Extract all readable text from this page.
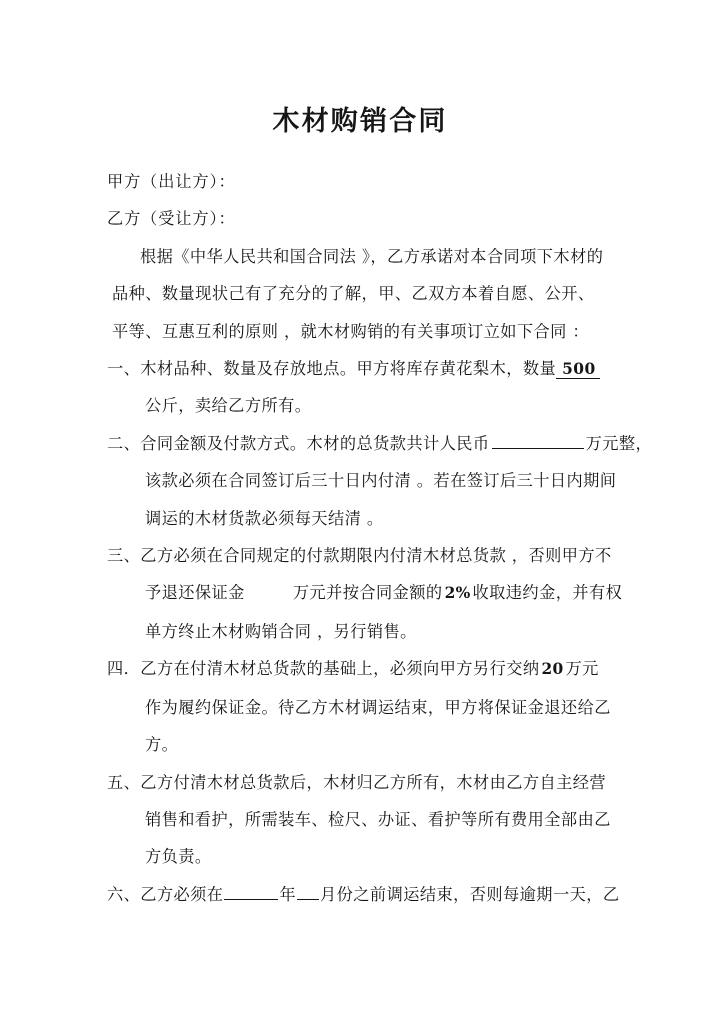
木材购销合同
甲方（出让方）：
乙方（受让方）：
根据《中华人民共和国合同法 》，乙方承诺对本合同项下木材的
品种、数量现状己有了充分的了解，甲、乙双方本着自愿、公开、
平等、互惠互利的原则 ，就木材购销的有关事项订立如下合同 ：
一、木材品种、数量及存放地点。甲方将库存黄花梨木，数量 500
公斤，卖给乙方所有。
二、合同金额及付款方式。木材的总货款共计人民币	万元整，
该款必须在合同签订后三十日内付清 。若在签订后三十日内期间
调运的木材货款必须每天结清 。
三、乙方必须在合同规定的付款期限内付清木材总货款 ，否则甲方不
予退还保证金	万元并按合同金额的 2% 收取违约金，并有权
单方终止木材购销合同 ，另行销售。
四．乙方在付清木材总货款的基础上，必须向甲方另行交纳 20 万元
作为履约保证金。待乙方木材调运结束，甲方将保证金退还给乙
方。
五、乙方付清木材总货款后，木材归乙方所有，木材由乙方自主经营
销售和看护，所需装车、检尺、办证、看护等所有费用全部由乙
方负责。
六、乙方必须在	年 月份之前调运结束，否则每逾期一天，乙
